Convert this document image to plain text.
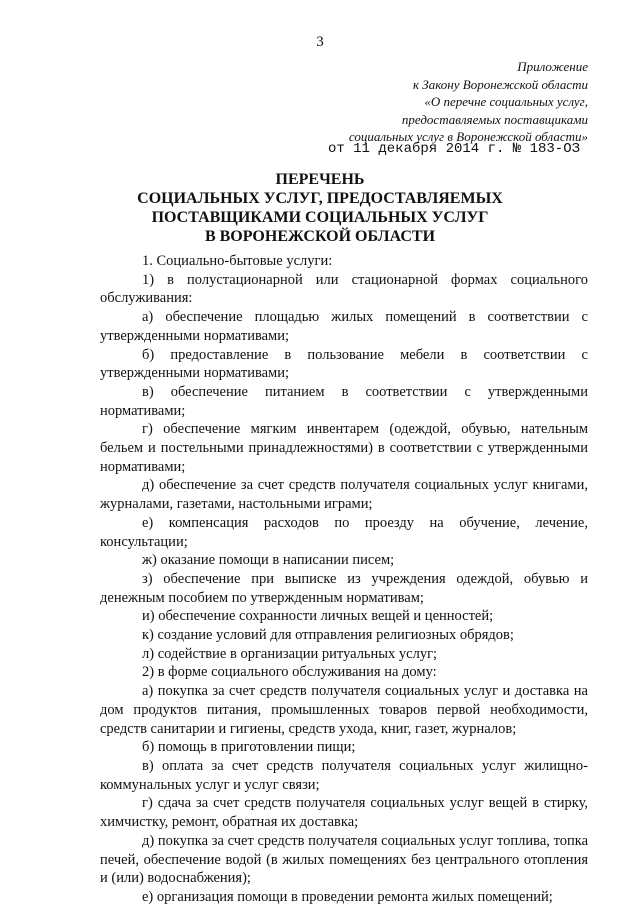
3
Приложение
к Закону Воронежской области
«О перечне социальных услуг,
предоставляемых поставщиками
социальных услуг в Воронежской области»
от 11 декабря 2014 г. № 183-ОЗ
ПЕРЕЧЕНЬ
СОЦИАЛЬНЫХ УСЛУГ, ПРЕДОСТАВЛЯЕМЫХ
ПОСТАВЩИКАМИ СОЦИАЛЬНЫХ УСЛУГ
В ВОРОНЕЖСКОЙ ОБЛАСТИ
1. Социально-бытовые услуги:
1) в полустационарной или стационарной формах социального обслуживания:
а) обеспечение площадью жилых помещений в соответствии с утвержденными нормативами;
б) предоставление в пользование мебели в соответствии с утвержденными нормативами;
в) обеспечение питанием в соответствии с утвержденными нормативами;
г) обеспечение мягким инвентарем (одеждой, обувью, нательным бельем и постельными принадлежностями) в соответствии с утвержденными нормативами;
д) обеспечение за счет средств получателя социальных услуг книгами, журналами, газетами, настольными играми;
е) компенсация расходов по проезду на обучение, лечение, консультации;
ж) оказание помощи в написании писем;
з) обеспечение при выписке из учреждения одеждой, обувью и денежным пособием по утвержденным нормативам;
и) обеспечение сохранности личных вещей и ценностей;
к) создание условий для отправления религиозных обрядов;
л) содействие в организации ритуальных услуг;
2) в форме социального обслуживания на дому:
а) покупка за счет средств получателя социальных услуг и доставка на дом продуктов питания, промышленных товаров первой необходимости, средств санитарии и гигиены, средств ухода, книг, газет, журналов;
б) помощь в приготовлении пищи;
в) оплата за счет средств получателя социальных услуг жилищно-коммунальных услуг и услуг связи;
г) сдача за счет средств получателя социальных услуг вещей в стирку, химчистку, ремонт, обратная их доставка;
д) покупка за счет средств получателя социальных услуг топлива, топка печей, обеспечение водой (в жилых помещениях без центрального отопления и (или) водоснабжения);
е) организация помощи в проведении ремонта жилых помещений;
